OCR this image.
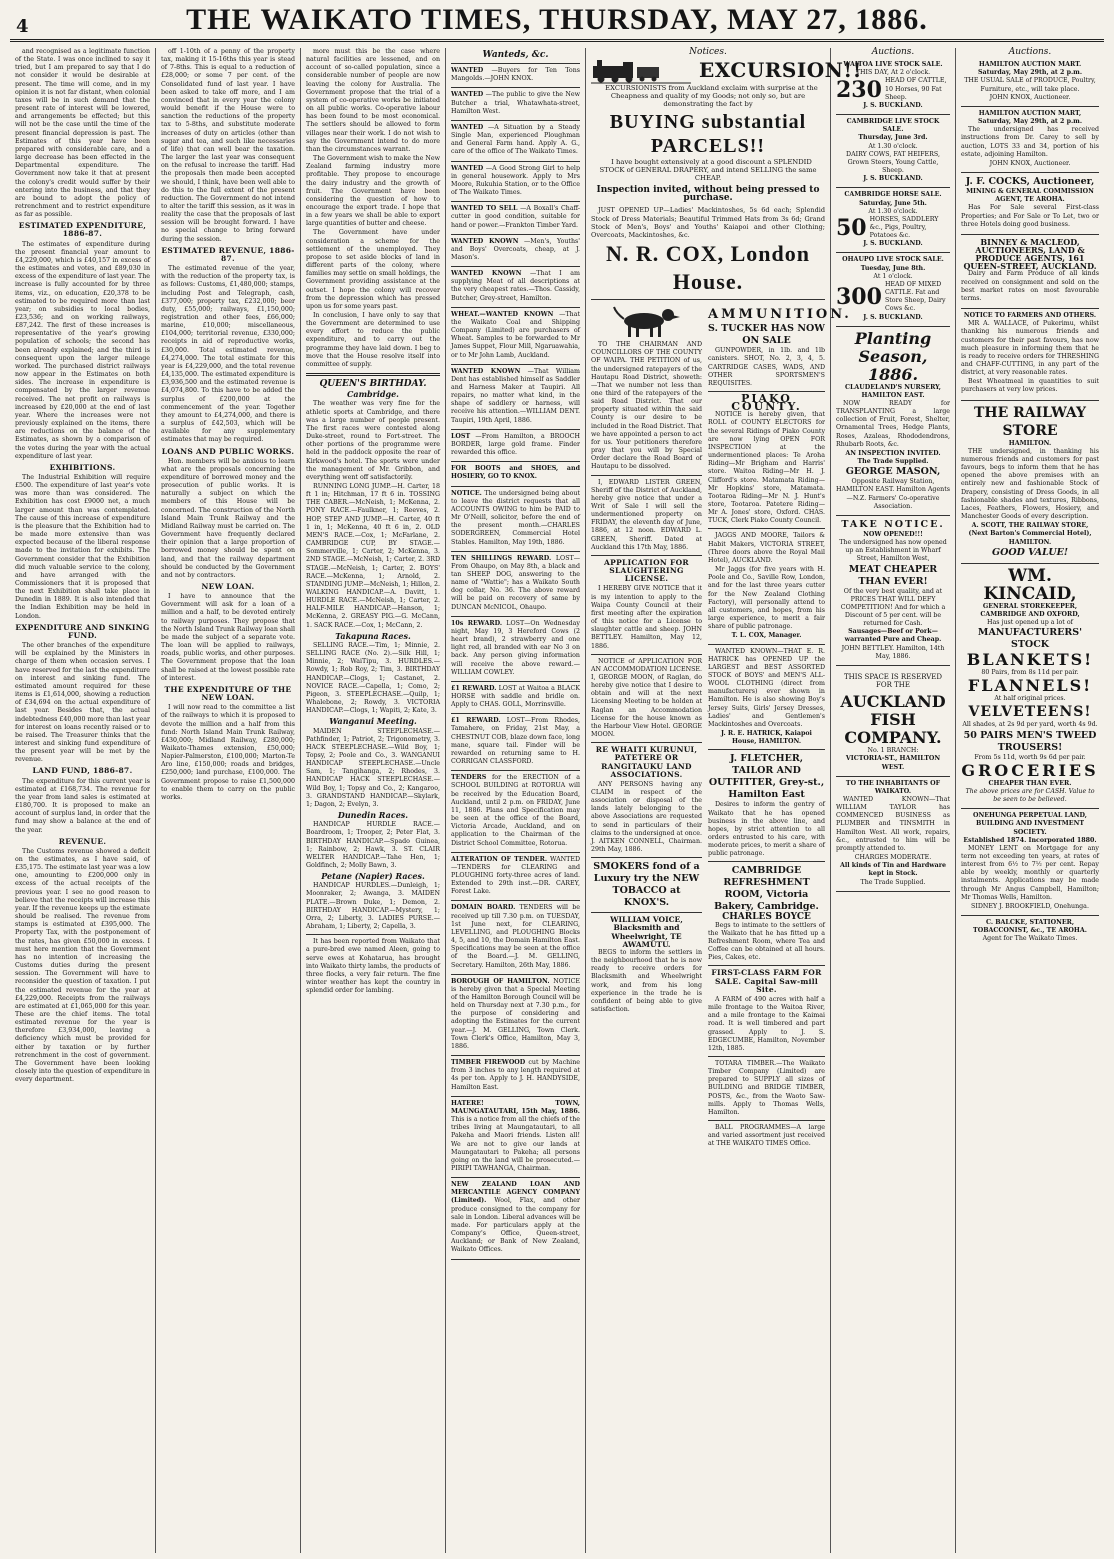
4	THE WAIKATO TIMES, THURSDAY, MAY 27, 1886.

and recognised as a legitimate function of the State. I was once inclined to say it tried, but I am prepared to say that I do not consider it would be desirable at present. The time will come, and in my opinion it is not far distant, when colonial taxes will be in such demand that the present rate of interest will be lowered, and arrangements be effected; but this will not be the case until the time of the present financial depression is past. The Estimates of this year have been prepared with considerable care, and a large decrease has been effected in the Departmental expenditure. The Government now take it that at present the colony's credit would suffer by their entering into the business, and that they are bound to adopt the policy of retrenchment and to restrict expenditure as far as possible.

ESTIMATED EXPENDITURE, 1886-87.

The estimates of expenditure during the present financial year amount to £4,229,000, which is £40,157 in excess of the estimates and votes, and £89,030 in excess of the expenditure of last year. The increase is fully accounted for by three items, viz., on education, £20,378 to be estimated to be required more than last year; on subsidies to local bodies, £23,536; and on working railways, £87,242. The first of these increases is representative of the year's growing population of schools; the second has been already explained; and the third is consequent upon the larger mileage worked. The purchased district railways now appear in the Estimates on both sides. The increase in expenditure is compensated by the larger revenue received. The net profit on railways is increased by £20,000 at the end of last year. Where the increases were not previously explained on the items, there are reductions on the balance of the Estimates, as shown by a comparison of the votes during the year with the actual expenditure of last year.

EXHIBITIONS.

The Industrial Exhibition will require £500. The expenditure of last year's vote was more than was considered. The Exhibition has cost £9000 net, a much larger amount than was contemplated. The cause of this increase of expenditure is the pleasure that the Exhibition had to be made more extensive than was expected because of the liberal response made to the invitation for exhibits. The Government consider that the Exhibition did much valuable service to the colony, and have arranged with the Commissioners that it is proposed that the next Exhibition shall take place in Dunedin in 1889. It is also intended that the Indian Exhibition may be held in London.

EXPENDITURE AND SINKING FUND.

The other branches of the expenditure will be explained by the Ministers in charge of them when occasion serves. I have reserved for the last the expenditure on interest and sinking fund. The estimated amount required for these items is £1,614,000, showing a reduction of £34,694 on the actual expenditure of last year. Besides that, the actual indebtedness £40,000 more than last year for interest on loans recently raised or to be raised. The Treasurer thinks that the interest and sinking fund expenditure of the present year will be met by the revenue.

LAND FUND, 1886-87.

The expenditure for this current year is estimated at £168,734. The revenue for the year from land sales is estimated at £180,700. It is proposed to make an account of surplus land, in order that the fund may show a balance at the end of the year.

REVENUE.

The Customs revenue showed a deficit on the estimates, as I have said, of £35,175. The estimate last year was a low one, amounting to £200,000 only in excess of the actual receipts of the previous year. I see no good reason to believe that the receipts will increase this year. If the revenue keeps up the estimate should be realised. The revenue from stamps is estimated at £395,000. The Property Tax, with the postponement of the rates, has given £50,000 in excess. I must here mention that the Government has no intention of increasing the Customs duties during the present session. The Government will have to reconsider the question of taxation. I put the estimated revenue for the year at £4,229,000. Receipts from the railways are estimated at £1,065,000 for this year. These are the chief items. The total estimated revenue for the year is therefore £3,934,000, leaving a deficiency which must be provided for either by taxation or by further retrenchment in the cost of government. The Government have been looking closely into the question of expenditure in every department.

off 1-10th of a penny of the property tax, making it 15-16ths this year is stead of 7-8ths. This is equal to a reduction of £28,000; or some 7 per cent. of the Consolidated fund of last year. I have been asked to take off more, and I am convinced that in every year the colony would benefit if the House were to sanction the reductions of the property tax to 5-8ths, and substitute moderate increases of duty on articles (other than sugar and tea, and such like necessaries of life) that can well bear the taxation. The larger the last year was consequent on the refusal to increase the tariff. Had the proposals then made been accepted we should, I think, have been well able to do this to the full extent of the present reduction. The Government do not intend to alter the tariff this session, as it was in reality the case that the proposals of last session will be brought forward. I have no special change to bring forward during the session.

ESTIMATED REVENUE, 1886-87.

The estimated revenue of the year, with the reduction of the property tax, is as follows: Customs, £1,480,000; stamps, including Post and Telegraph, cash, £377,000; property tax, £232,000; beer duty, £55,000; railways, £1,150,000; registration and other fees, £66,000; marine, £10,000; miscellaneous, £104,000; territorial revenue, £330,000; receipts in aid of reproductive works, £30,000. Total estimated revenue, £4,274,000. The total estimate for this year is £4,229,000, and the total revenue £4,135,000. The estimated expenditure is £3,936,500 and the estimated revenue is £4,074,800. To this have to be added the surplus of £200,000 at the commencement of the year. Together they amount to £4,274,000, and there is a surplus of £42,503, which will be available for any supplementary estimates that may be required.

LOANS AND PUBLIC WORKS.

Hon. members will be anxious to learn what are the proposals concerning the expenditure of borrowed money and the prosecution of public works. It is naturally a subject on which the members of this House will be concerned. The construction of the North Island Main Trunk Railway and the Midland Railway must be carried on. The Government have frequently declared their opinion that a large proportion of borrowed money should be spent on land, and that the railway department should be conducted by the Government and not by contractors.

NEW LOAN.

I have to announce that the Government will ask for a loan of a million and a half, to be devoted entirely to railway purposes. They propose that the North Island Trunk Railway loan shall be made the subject of a separate vote. The loan will be applied to railways, roads, public works, and other purposes. The Government propose that the loan shall be raised at the lowest possible rate of interest.

THE EXPENDITURE OF THE NEW LOAN.

I will now read to the committee a list of the railways to which it is proposed to devote the million and a half from this fund: North Island Main Trunk Railway, £430,000; Midland Railway, £280,000; Waikato-Thames extension, £50,000; Napier-Palmerston, £100,000; Marton-Te Aro line, £150,000; roads and bridges, £250,000; land purchase, £100,000. The Government propose to raise £1,500,000 to enable them to carry on the public works.

more must this be the case where natural facilities are lessened, and on account of so-called population, since a considerable number of people are now leaving the colony for Australia. The Government propose that the trial of a system of co-operative works be initiated on all public works. Co-operative labour has been found to be most economical. The settlers should be allowed to form villages near their work. I do not wish to say the Government intend to do more than the circumstances warrant.

The Government wish to make the New Zealand farming industry more profitable. They propose to encourage the dairy industry and the growth of fruit. The Government have been considering the question of how to encourage the export trade. I hope that in a few years we shall be able to export large quantities of butter and cheese.

The Government have under consideration a scheme for the settlement of the unemployed. They propose to set aside blocks of land in different parts of the colony, where families may settle on small holdings, the Government providing assistance at the outset. I hope the colony will recover from the depression which has pressed upon us for some years past.

In conclusion, I have only to say that the Government are determined to use every effort to reduce the public expenditure, and to carry out the programme they have laid down. I beg to move that the House resolve itself into committee of supply.

QUEEN'S BIRTHDAY.

Cambridge.

The weather was very fine for the athletic sports at Cambridge, and there was a large number of people present. The first races were contested along Duke-street, round to Fort-street. The other portions of the programme were held in the paddock opposite the rear of Kirkwood's hotel. The sports were under the management of Mr. Gribbon, and everything went off satisfactorily.

RUNNING LONG JUMP.—H. Carter, 18 ft 1 in; Hitchman, 17 ft 6 in. TOSSING THE CABER.—McNeish, 1; McKenna, 2. PONY RACE.—Faulkner, 1; Reeves, 2. HOP, STEP AND JUMP.—H. Carter, 40 ft 1 in, 1; McKenna, 40 ft 6 in, 2. OLD MEN'S RACE.—Cox, 1; McFarlane, 2. CAMBRIDGE CUP, BY STAGE.—Sommerville, 1; Carter, 2; McKenna, 3. 2ND STAGE.—McNeish, 1; Carter, 2. 3RD STAGE.—McNeish, 1; Carter, 2. BOYS' RACE.—McKenna, 1; Arnold, 2. STANDING JUMP.—McNeish, 1; Hillon, 2. WALKING HANDICAP.—A. Davitt, 1. HURDLE RACE.—McNeish, 1; Carter, 2. HALF-MILE HANDICAP.—Hanson, 1; McKenna, 2. GREASY PIG.—G. McCann, 1. SACK RACE.—Cox, 1; McCann, 2.

Takapuna Races.

SELLING RACE.—Tim, 1; Minnie, 2. SELLING RACE (No. 2).—Silk Hill, 1; Minnie, 2; WaiTipu, 3. HURDLES.—Rowdy, 1; Rob Roy, 2; Tim, 3. BIRTHDAY HANDICAP.—Clogs, 1; Castanet, 2. NOVICE RACE.—Capella, 1; Como, 2; Pigeon, 3. STEEPLECHASE.—Quilp, 1; Whalebone, 2; Rowdy, 3. VICTORIA HANDICAP.—Clogs, 1; Wapiti, 2; Kate, 3.

Wanganui Meeting.

MAIDEN STEEPLECHASE.—Pathfinder, 1; Patriot, 2; Trigonometry, 3. HACK STEEPLECHASE.—Wild Boy, 1; Topsy, 2; Poole and Co., 3. WANGANUI HANDICAP STEEPLECHASE.—Uncle Sam, 1; Tangihanga, 2; Rhodes, 3. HANDICAP HACK STEEPLECHASE.—Wild Boy, 1; Topsy and Co., 2; Kangaroo, 3. GRANDSTAND HANDICAP.—Skylark, 1; Dagon, 2; Evelyn, 3.

Dunedin Races.

HANDICAP HURDLE RACE.—Boardroom, 1; Trooper, 2; Peter Flat, 3. BIRTHDAY HANDICAP.—Spado Guinea, 1; Rainbow, 2; Hawk, 3. ST. CLAIR WELTER HANDICAP.—Tahe Hen, 1; Goldfinch, 2; Molly Bawn, 3.

Petane (Napier) Races.

HANDICAP HURDLES.—Dunleigh, 1; Moonraker, 2; Awanga, 3. MAIDEN PLATE.—Brown Duke, 1; Demon, 2. BIRTHDAY HANDICAP.—Mystery, 1; Orra, 2; Liberty, 3. LADIES PURSE.—Abraham, 1; Liberty, 2; Capella, 3.

It has been reported from Waikato that a pure-bred ewe named Aleen, going to serve ewes at Kohatarua, has brought into Waikato thirty lambs, the products of three flocks, a very fair return. The fine winter weather has kept the country in splendid order for lambing.

Wanteds, &c.
WANTED —Buyers for Ten Tons Mangolds.—JOHN KNOX.
WANTED —The public to give the New Butcher a trial, Whatawhata-street, Hamilton West.
WANTED —A Situation by a Steady Single Man, experienced Ploughman and General Farm hand. Apply A. G., care of the office of The Waikato Times.
WANTED —A Good Strong Girl to help in general housework. Apply to Mrs Moore, Rukuhia Station, or to the Office of The Waikato Times.
WANTED TO SELL —A Boxall's Chaff-cutter in good condition, suitable for hand or power.—Frankton Timber Yard.
WANTED KNOWN —Men's, Youths' and Boys' Overcoats, cheap, at J. Mason's.
WANTED KNOWN —That I am supplying Meat of all descriptions at the very cheapest rates.—Thos. Cassidy, Butcher, Grey-street, Hamilton.
WHEAT.—WANTED KNOWN —That the Waikato Coal and Shipping Company (Limited) are purchasers of Wheat. Samples to be forwarded to Mr James Suppet, Flour Mill, Ngaruawahia, or to Mr John Lamb, Auckland.
WANTED KNOWN —That William Dent has established himself as Saddler and Harness Maker at Taupiri. All repairs, no matter what kind, in the shape of saddlery or harness, will receive his attention.—WILLIAM DENT. Taupiri, 19th April, 1886.
LOST —From Hamilton, a BROOCH BORDER, large gold frame. Finder rewarded this office.
FOR BOOTS and SHOES, and HOSIERY, GO TO KNOX.
NOTICE. The undersigned being about to leave the district requests that all ACCOUNTS OWING to him be PAID to Mr O'Neill, solicitor, before the end of the present month.—CHARLES SODERGREEN, Commercial Hotel Stables. Hamilton, May 19th, 1886.
TEN SHILLINGS REWARD. LOST—From Ohaupo, on May 8th, a black and tan SHEEP DOG, answering to the name of "Wattie"; has a Waikato South dog collar, No. 36. The above reward will be paid on recovery of same by DUNCAN McNICOL, Ohaupo.
10s REWARD. LOST—On Wednesday night, May 19, 3 Hereford Cows (2 heart brand), 2 strawberry and one light red, all branded with ear No 3 on back. Any person giving information will receive the above reward.—WILLIAM COWLEY.
£1 REWARD. LOST at Waitoa a BLACK HORSE with saddle and bridle on. Apply to CHAS. GOLL, Morrinsville.
£1 REWARD. LOST—From Rhodes, Tamahere, on Friday, 21st May, a CHESTNUT COB, blaze down face, long mane, square tail. Finder will be rewarded on returning same to H. CORRIGAN CLASSFORD.
TENDERS for the ERECTION of a SCHOOL BUILDING at ROTORUA will be received by the Education Board, Auckland, until 2 p.m. on FRIDAY, June 11, 1886. Plans and Specification may be seen at the office of the Board, Victoria Arcade, Auckland, and on application to the Chairman of the District School Committee, Rotorua.
ALTERATION OF TENDER. WANTED—TENDERS for CLEARING and PLOUGHING forty-three acres of land. Extended to 29th inst.—DR. CAREY, Forest Lake.
DOMAIN BOARD. TENDERS will be received up till 7.30 p.m. on TUESDAY, 1st June next, for CLEARING, LEVELLING, and PLOUGHING Blocks 4, 5, and 10, the Domain Hamilton East. Specifications may be seen at the office of the Board.—J. M. GELLING, Secretary. Hamilton, 26th May, 1886.
BOROUGH OF HAMILTON. NOTICE is hereby given that a Special Meeting of the Hamilton Borough Council will be held on Thursday next at 7.30 p.m., for the purpose of considering and adopting the Estimates for the current year.—J. M. GELLING, Town Clerk. Town Clerk's Office, Hamilton, May 3, 1886.
TIMBER FIREWOOD cut by Machine from 3 inches to any length required at 4s per ton. Apply to J. H. HANDYSIDE, Hamilton East.
HATERE! TOWN, MAUNGATAUTARI, 15th May, 1886. This is a notice from all the chiefs of the tribes living at Maungatautari, to all Pakeha and Maori friends. Listen all! We are not to give our lands at Maungatautari to Pakeha; all persons going on the land will be prosecuted.—PIRIPI TAWHANGA, Chairman.
NEW ZEALAND LOAN AND MERCANTILE AGENCY COMPANY (Limited). Wool, Flax, and other produce consigned to the company for sale in London. Liberal advances will be made. For particulars apply at the Company's Office, Queen-street, Auckland; or Bank of New Zealand, Waikato Offices.

Notices.

EXCURSION!!

EXCURSIONISTS from Auckland exclaim with surprise at the Cheapness and quality of my Goods; not only so, but are demonstrating the fact by

BUYING substantial PARCELS!!

I have bought extensively at a good discount a SPLENDID STOCK of GENERAL DRAPERY, and intend SELLING the same CHEAP.

Inspection invited, without being pressed to purchase.

JUST OPENED UP—Ladies' Mackintoshes, 5s 6d each; Splendid Stock of Dress Materials; Beautiful Trimmed Hats from 3s 6d; Grand Stock of Men's, Boys' and Youths' Kaiapoi and other Clothing; Overcoats, Mackintoshes, &c.

N. R. COX, London House.

TO THE CHAIRMAN AND COUNCILLORS OF THE COUNTY OF WAIPA. THE PETITION of us, the undersigned ratepayers of the Hautapu Road District, showeth:—That we number not less than one third of the ratepayers of the said Road District. That our property situated within the said County is our desire to be included in the Road District. That we have appointed a person to act for us. Your petitioners therefore pray that you will by Special Order declare the Road Board of Hautapu to be dissolved.

I, EDWARD LISTER GREEN, Sheriff of the District of Auckland, hereby give notice that under a Writ of Sale I will sell the undermentioned property on FRIDAY, the eleventh day of June, 1886, at 12 noon. EDWARD L. GREEN, Sheriff. Dated at Auckland this 17th May, 1886.

APPLICATION FOR SLAUGHTERING LICENSE.

I HEREBY GIVE NOTICE that it is my intention to apply to the Waipa County Council at their first meeting after the expiration of this notice for a License to slaughter cattle and sheep. JOHN BETTLEY. Hamilton, May 12, 1886.

NOTICE of APPLICATION FOR AN ACCOMMODATION LICENSE. I, GEORGE MOON, of Raglan, do hereby give notice that I desire to obtain and will at the next Licensing Meeting to be holden at Raglan an Accommodation License for the house known as the Harbour View Hotel. GEORGE MOON.

RE WHAITI KURUNUI, PATETERE OR RANGITAUKU LAND ASSOCIATIONS.

ANY PERSONS having any CLAIM in respect of the association or disposal of the lands lately belonging to the above Associations are requested to send in particulars of their claims to the undersigned at once. J. AITKEN CONNELL, Chairman. 29th May, 1886.

SMOKERS fond of a Luxury try the NEW TOBACCO at KNOX'S.

WILLIAM VOICE, Blacksmith and Wheelwright, TE AWAMUTU.

BEGS to inform the settlers in the neighbourhood that he is now ready to receive orders for Blacksmith and Wheelwright work, and from his long experience in the trade he is confident of being able to give satisfaction.

AMMUNITION.

S. TUCKER HAS NOW ON SALE

GUNPOWDER, in 1lb. and 1lb canisters. SHOT, No. 2, 3, 4, 5. CARTRIDGE CASES, WADS, AND OTHER SPORTSMEN'S REQUISITES.

PIAKO COUNTY.

NOTICE is hereby given, that ROLL of COUNTY ELECTORS for the several Ridings of Piako County are now lying OPEN FOR INSPECTION at the undermentioned places: Te Aroha Riding—Mr Brigham and Harris' store. Waitoa Riding—Mr H. J. Clifford's store. Matamata Riding—Mr Hopkins' store, Matamata. Tootaroa Riding—Mr N. J. Hunt's store, Tootaroa. Patetere Riding—Mr A. Jones' store, Oxford. CHAS. TUCK, Clerk Piako County Council.

JAGGS AND MOORE, Tailors & Habit Makers, VICTORIA STREET, (Three doors above the Royal Mail Hotel), AUCKLAND.

Mr Jaggs (for five years with H. Poole and Co., Saville Row, London, and for the last three years cutter for the New Zealand Clothing Factory), will personally attend to all customers, and hopes, from his large experience, to merit a fair share of public patronage.

T. L. COX, Manager.

WANTED KNOWN—THAT E. R. HATRICK has OPENED UP the LARGEST and BEST ASSORTED STOCK of BOYS' and MEN'S ALL-WOOL CLOTHING (direct from manufacturers) ever shown in Hamilton. He is also showing Boy's Jersey Suits, Girls' Jersey Dresses, Ladies' and Gentlemen's Mackintoshes and Overcoats.

J. R. E. HATRICK, Kaiapoi House, HAMILTON.

J. FLETCHER, TAILOR AND OUTFITTER, Grey-st., Hamilton East

Desires to inform the gentry of Waikato that he has opened business in the above line, and hopes, by strict attention to all orders entrusted to his care, with moderate prices, to merit a share of public patronage.

CAMBRIDGE REFRESHMENT ROOM, Victoria Bakery, Cambridge.

CHARLES BOYCE

Begs to intimate to the settlers of the Waikato that he has fitted up a Refreshment Room, where Tea and Coffee can be obtained at all hours. Pies, Cakes, etc.

FIRST-CLASS FARM FOR SALE. Capital Saw-mill Site.

A FARM of 490 acres with half a mile frontage to the Waitoa River, and a mile frontage to the Kaimai road. It is well timbered and part grassed. Apply to J. S. EDGECUMBE, Hamilton, November 12th, 1885.

TOTARA TIMBER.—The Waikato Timber Company (Limited) are prepared to SUPPLY all sizes of BUILDING and BRIDGE TIMBER, POSTS, &c., from the Waoto Saw-mills. Apply to Thomas Wells, Hamilton.

BALL PROGRAMMES—A large and varied assortment just received at THE WAIKATO TIMES Office.

Auctions.

WAITOA LIVE STOCK SALE.

THIS DAY, At 2 o'clock.

230 HEAD OF CATTLE, 10 Horses, 90 Fat Sheep.

J. S. BUCKLAND.

CAMBRIDGE LIVE STOCK SALE.

Thursday, June 3rd.

At 1.30 o'clock.

DAIRY COWS, FAT HEIFERS, Grown Steers, Young Cattle, Sheep.

J. S. BUCKLAND.

CAMBRIDGE HORSE SALE.

Saturday, June 5th.

At 1.30 o'clock.

50 HORSES, SADDLERY &c., Pigs, Poultry, Potatoes &c.

J. S. BUCKLAND.

OHAUPO LIVE STOCK SALE.

Tuesday, June 8th.

At 1 o'clock.

300 HEAD OF MIXED CATTLE. Fat and Store Sheep, Dairy Cows &c.

J. S. BUCKLAND.

Planting Season, 1886.

CLAUDELAND'S NURSERY, HAMILTON EAST.

NOW READY for TRANSPLANTING a large collection of Fruit, Forest, Shelter, Ornamental Trees, Hedge Plants, Roses, Azaleas, Rhododendrons, Rhubarb Roots, &c.

AN INSPECTION INVITED.

The Trade Supplied.

GEORGE MASON,

Opposite Railway Station, HAMILTON EAST. Hamilton Agents—N.Z. Farmers' Co-operative Association.

TAKE NOTICE.

NOW OPENED!!!

The undersigned has now opened up an Establishment in Wharf Street, Hamilton West,

MEAT CHEAPER THAN EVER!

Of the very best quality, and at PRICES THAT WILL DEFY COMPETITION! And for which a Discount of 5 per cent. will be returned for Cash.

Sausages—Beef or Pork—warranted Pure and Cheap.

JOHN BETTLEY. Hamilton, 14th May, 1886.

THIS SPACE IS RESERVED FOR THE

AUCKLAND

FISH COMPANY.

No. 1 BRANCH:

VICTORIA-ST., HAMILTON WEST.

TO THE INHABITANTS OF WAIKATO.

WANTED KNOWN—That WILLIAM TAYLOR has COMMENCED BUSINESS as PLUMBER and TINSMITH in Hamilton West. All work, repairs, &c., entrusted to him will be promptly attended to.

CHARGES MODERATE.

All kinds of Tin and Hardware kept in Stock.

The Trade Supplied.

Auctions.

HAMILTON AUCTION MART.

Saturday, May 29th, at 2 p.m.

THE USUAL SALE of PRODUCE, Poultry, Furniture, etc., will take place.

JOHN KNOX, Auctioneer.

HAMILTON AUCTION MART,

Saturday, May 29th, at 2 p.m.

The undersigned has received instructions from Dr. Carey to sell by auction, LOTS 33 and 34, portion of his estate, adjoining Hamilton.

JOHN KNOX, Auctioneer.

J. F. COCKS, Auctioneer,

MINING & GENERAL COMMISSION AGENT, TE AROHA.

Has For Sale several First-class Properties; and For Sale or To Let, two or three Hotels doing good business.

BINNEY & MACLEOD, AUCTIONEERS, LAND & PRODUCE AGENTS, 161 QUEEN-STREET, AUCKLAND.

Dairy and Farm Produce of all kinds received on consignment and sold on the best market rates on most favourable terms.

NOTICE TO FARMERS AND OTHERS.

MR A. WALLACE, of Pukerimu, whilst thanking his numerous friends and customers for their past favours, has now much pleasure in informing them that he is ready to receive orders for THRESHING and CHAFF-CUTTING, in any part of the district, at very reasonable rates.

Best Wheatmeal in quantities to suit purchasers at very low prices.

THE RAILWAY STORE

HAMILTON.

THE undersigned, in thanking his numerous friends and customers for past favours, begs to inform them that he has opened the above premises with an entirely new and fashionable Stock of Drapery, consisting of Dress Goods, in all fashionable shades and textures, Ribbons, Laces, Feathers, Flowers, Hosiery, and Manchester Goods of every description.

A. SCOTT, THE RAILWAY STORE, (Next Barton's Commercial Hotel), HAMILTON.

GOOD VALUE!

WM. KINCAID,

GENERAL STOREKEEPER, CAMBRIDGE AND OXFORD,

Has just opened up a lot of

MANUFACTURERS' STOCK

BLANKETS!

80 Pairs, from 8s 11d per pair.

FLANNELS!

At half original prices.

VELVETEENS!

All shades, at 2s 9d per yard, worth 4s 9d.

50 PAIRS MEN'S TWEED TROUSERS!

From 5s 11d, worth 9s 6d per pair.

GROCERIES

CHEAPER THAN EVER.

The above prices are for CASH. Value to be seen to be believed.

ONEHUNGA PERPETUAL LAND, BUILDING AND INVESTMENT SOCIETY.

Established 1874. Incorporated 1880.

MONEY LENT on Mortgage for any term not exceeding ten years, at rates of interest from 6½ to 7½ per cent. Repay able by weekly, monthly or quarterly instalments. Applications may be made through Mr Angus Campbell, Hamilton; Mr Thomas Wells, Hamilton.

SIDNEY J. BROOKFIELD, Onehunga.

C. BALCKE, STATIONER, TOBACCONIST, &c., TE AROHA.

Agent for The Waikato Times.
